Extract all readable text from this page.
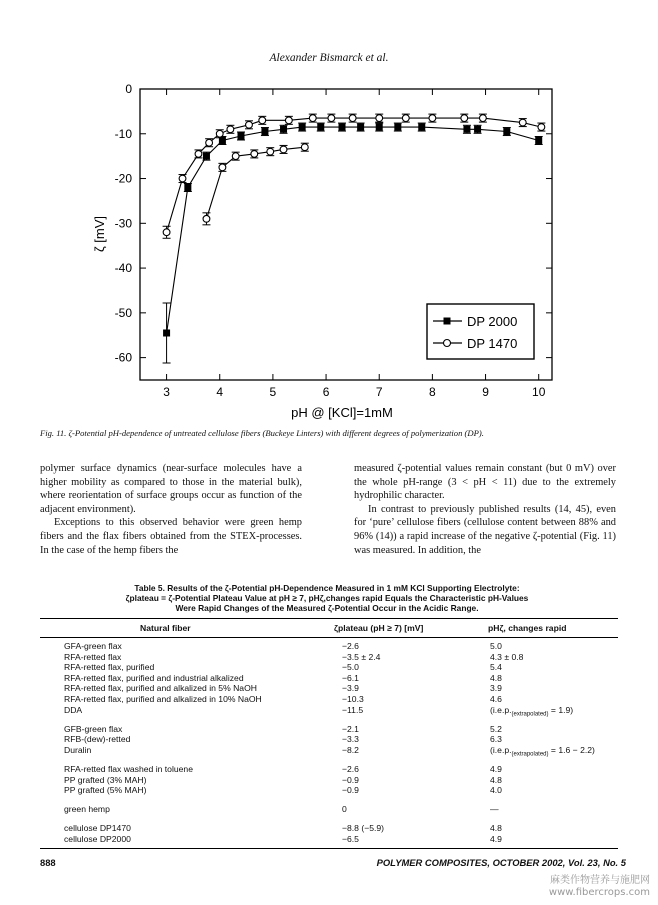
Alexander Bismarck et al.
3	4	5	6	7	8	9	10
0
-10
-20
-30
-40
-50
-60
pH @ [KCl]=1mM
ζ [mV]
DP 2000
DP 1470
Fig. 11. ζ-Potential pH-dependence of untreated cellulose fibers (Buckeye Linters) with different degrees of polymerization (DP).

polymer surface dynamics (near-surface molecules have a higher mobility as compared to those in the material bulk), where reorientation of surface groups occur as function of the adjacent environment).

Exceptions to this observed behavior were green hemp fibers and the flax fibers obtained from the STEX-processes. In the case of the hemp fibers the

measured ζ-potential values remain constant (but 0 mV) over the whole pH-range (3 < pH < 11) due to the extremely hydrophilic character.

In contrast to previously published results (14, 45), even for ‘pure’ cellulose fibers (cellulose content between 88% and 96% (14)) a rapid increase of the negative ζ-potential (Fig. 11) was measured. In addition, the

Table 5. Results of the ζ-Potential pH-Dependence Measured in 1 mM KCl Supporting Electrolyte:
ζplateau = ζ-Potential Plateau Value at pH ≥ 7, pHζ,changes rapid Equals the Characteristic pH-Values
Were Rapid Changes of the Measured ζ-Potential Occur in the Acidic Range.
Natural fiber	ζplateau (pH ≥ 7) [mV]	pHζ, changes rapid
GFA-green flax	−2.6	5.0
RFA-retted flax	−3.5 ± 2.4	4.3 ± 0.8
RFA-retted flax, purified	−5.0	5.4
RFA-retted flax, purified and industrial alkalized	−6.1	4.8
RFA-retted flax, purified and alkalized in 5% NaOH	−3.9	3.9
RFA-retted flax, purified and alkalized in 10% NaOH	−10.3	4.6
DDA	−11.5	$(i.e.p._{(extrapolated)} = 1.9)$
GFB-green flax	−2.1	5.2
RFB-(dew)-retted	−3.3	6.3
Duralin	−8.2	$(i.e.p._{(extrapolated)} = 1.6 - 2.2)$
RFA-retted flax washed in toluene	−2.6	4.9
PP grafted (3% MAH)	−0.9	4.8
PP grafted (5% MAH)	−0.9	4.0
green hemp	0	—
cellulose DP1470	−8.8 (−5.9)	4.8
cellulose DP2000	−6.5	4.9
888	POLYMER COMPOSITES, OCTOBER 2002, Vol. 23, No. 5
麻类作物营养与施肥网
www.fibercrops.com
